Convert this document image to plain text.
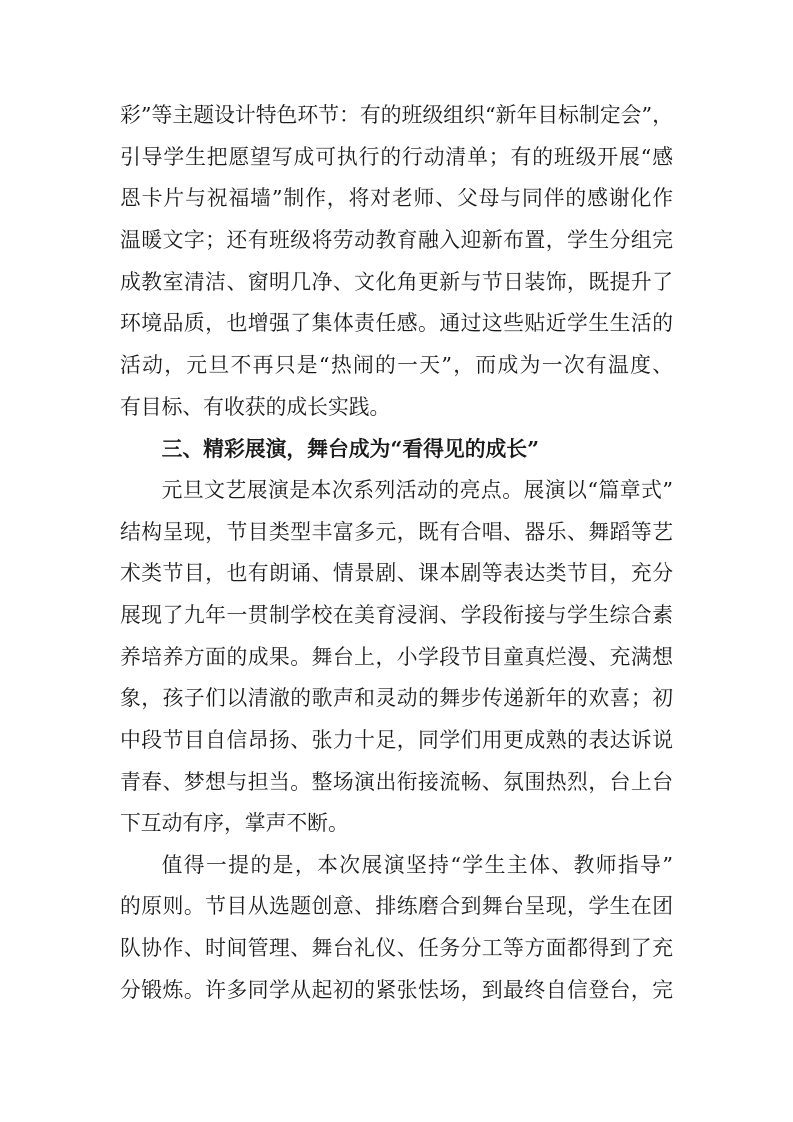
彩”等主题设计特色环节：有的班级组织“新年目标制定会”，
引导学生把愿望写成可执行的行动清单；有的班级开展“感
恩卡片与祝福墙”制作，将对老师、父母与同伴的感谢化作
温暖文字；还有班级将劳动教育融入迎新布置，学生分组完
成教室清洁、窗明几净、文化角更新与节日装饰，既提升了
环境品质，也增强了集体责任感。通过这些贴近学生生活的
活动，元旦不再只是“热闹的一天”，而成为一次有温度、
有目标、有收获的成长实践。
三、精彩展演，舞台成为“看得见的成长”
元旦文艺展演是本次系列活动的亮点。展演以“篇章式”
结构呈现，节目类型丰富多元，既有合唱、器乐、舞蹈等艺
术类节目，也有朗诵、情景剧、课本剧等表达类节目，充分
展现了九年一贯制学校在美育浸润、学段衔接与学生综合素
养培养方面的成果。舞台上，小学段节目童真烂漫、充满想
象，孩子们以清澈的歌声和灵动的舞步传递新年的欢喜；初
中段节目自信昂扬、张力十足，同学们用更成熟的表达诉说
青春、梦想与担当。整场演出衔接流畅、氛围热烈，台上台
下互动有序，掌声不断。
值得一提的是，本次展演坚持“学生主体、教师指导”
的原则。节目从选题创意、排练磨合到舞台呈现，学生在团
队协作、时间管理、舞台礼仪、任务分工等方面都得到了充
分锻炼。许多同学从起初的紧张怯场，到最终自信登台，完
